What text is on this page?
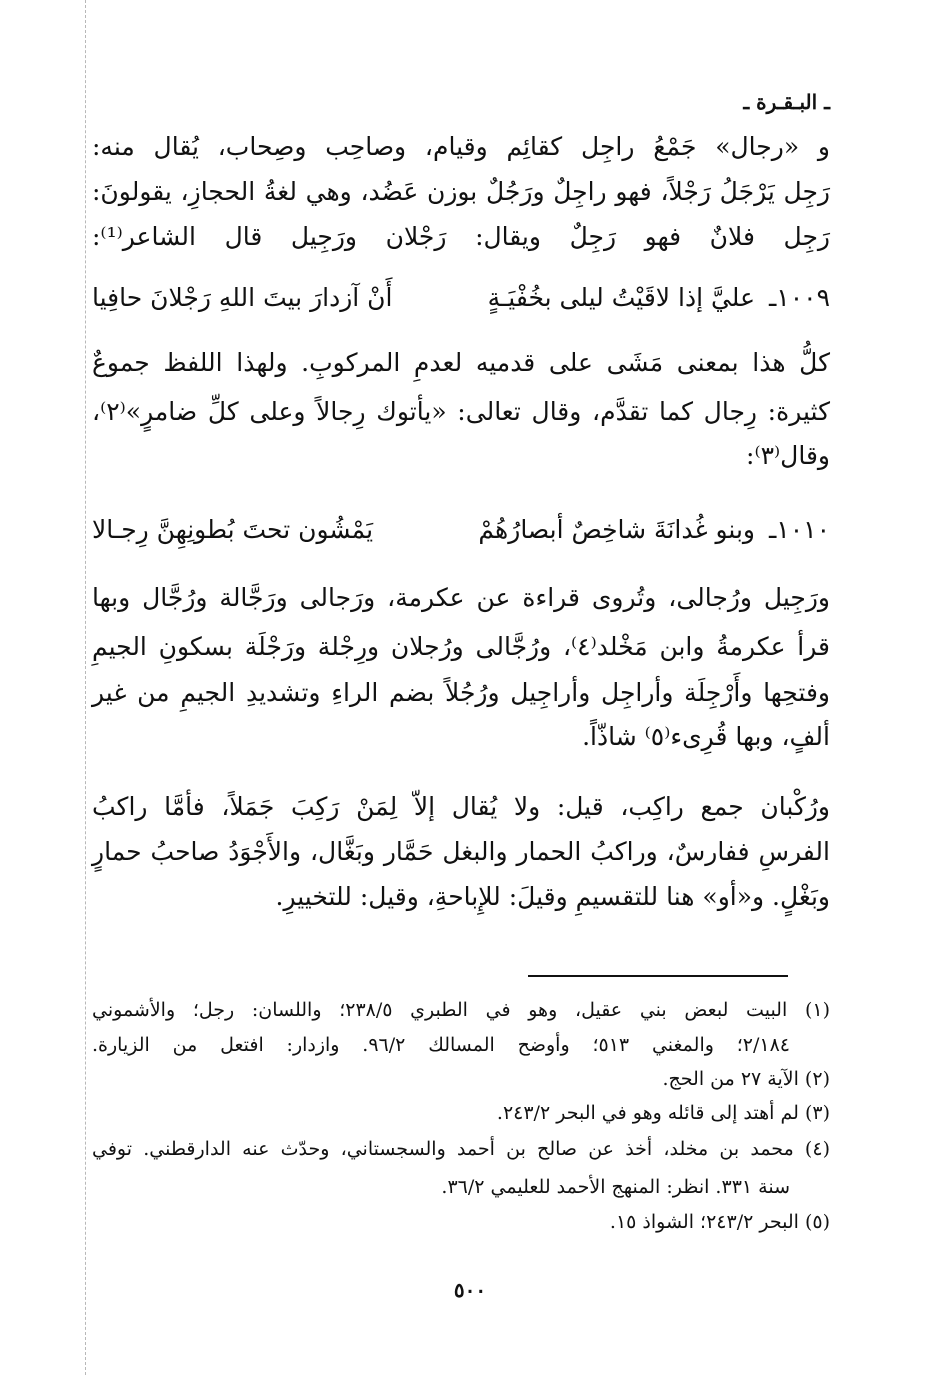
ـ البـقـرة ـ
و «رجال» جَمْعُ راجِل كقائِم وقيام، وصاحِب وصِحاب، يُقال منه:
رَجِل يَرْجَلُ رَجْلاً، فهو راجِلٌ ورَجُلٌ بوزن عَضُد، وهي لغةُ الحجازِ، يقولونَ:
رَجِل فلانٌ فهو رَجِلٌ ويقال: رَجْلان ورَجِيل قال الشاعر⁽¹⁾:
١٠٠٩ـ
عليَّ إذا لاقَيْتُ ليلى بخُفْيَـةٍ
أَنْ آزدارَ بيتَ اللهِ رَجْلانَ حافِيا
كلُّ هذا بمعنى مَشَى على قدميه لعدمِ المركوبِ. ولهذا اللفظ جموعٌ
كثيرة: رِجال كما تقدَّم، وقال تعالى: «يأتوك رِجالاً وعلى كلِّ ضامرٍ»⁽٢⁾،
وقال⁽٣⁾:
١٠١٠ـ
وبنو غُدانَةَ شاخِصٌ أبصارُهُمْ
يَمْشُون تحتَ بُطونِهِنَّ رِجـالا
ورَجِيل ورُجالى، وتُروى قراءة عن عكرمة، ورَجالى ورَجَّالة ورُجَّال وبها
قرأ عكرمةُ وابن مَخْلد⁽٤⁾، ورُجَّالى ورُجلان ورِجْلة ورَجْلَة بسكونِ الجيمِ
وفتحِها وأَرْجِلَة وأراجِل وأراجِيل ورُجُلاً بضم الراءِ وتشديدِ الجيمِ من غير
ألفٍ، وبها قُرِىء⁽٥⁾ شاذّاً.
ورُكْبان جمع راكِب، قيل: ولا يُقال إلاّ لِمَنْ رَكِبَ جَمَلاً، فأمَّا راكبُ
الفرسِ ففارسٌ، وراكبُ الحمار والبغل حَمَّار وبَغَّال، والأَجْوَدُ صاحبُ حمارٍ
وبَغْلٍ. و«أو» هنا للتقسيمِ وقيلَ: للإِباحةِ، وقيل: للتخييرِ.
(١) البيت لبعض بني عقيل، وهو في الطبري ٢٣٨/٥؛ واللسان: رجل؛ والأشموني
٢/١٨٤؛ والمغني ٥١٣؛ وأوضح المسالك ٩٦/٢. وازدار: افتعل من الزيارة.
(٢) الآية ٢٧ من الحج.
(٣) لم أهتد إلى قائله وهو في البحر ٢٤٣/٢.
(٤) محمد بن مخلد، أخذ عن صالح بن أحمد والسجستاني، وحدّث عنه الدارقطني. توفي
سنة ٣٣١. انظر: المنهج الأحمد للعليمي ٣٦/٢.
(٥) البحر ٢٤٣/٢؛ الشواذ ١٥.
٥٠٠
